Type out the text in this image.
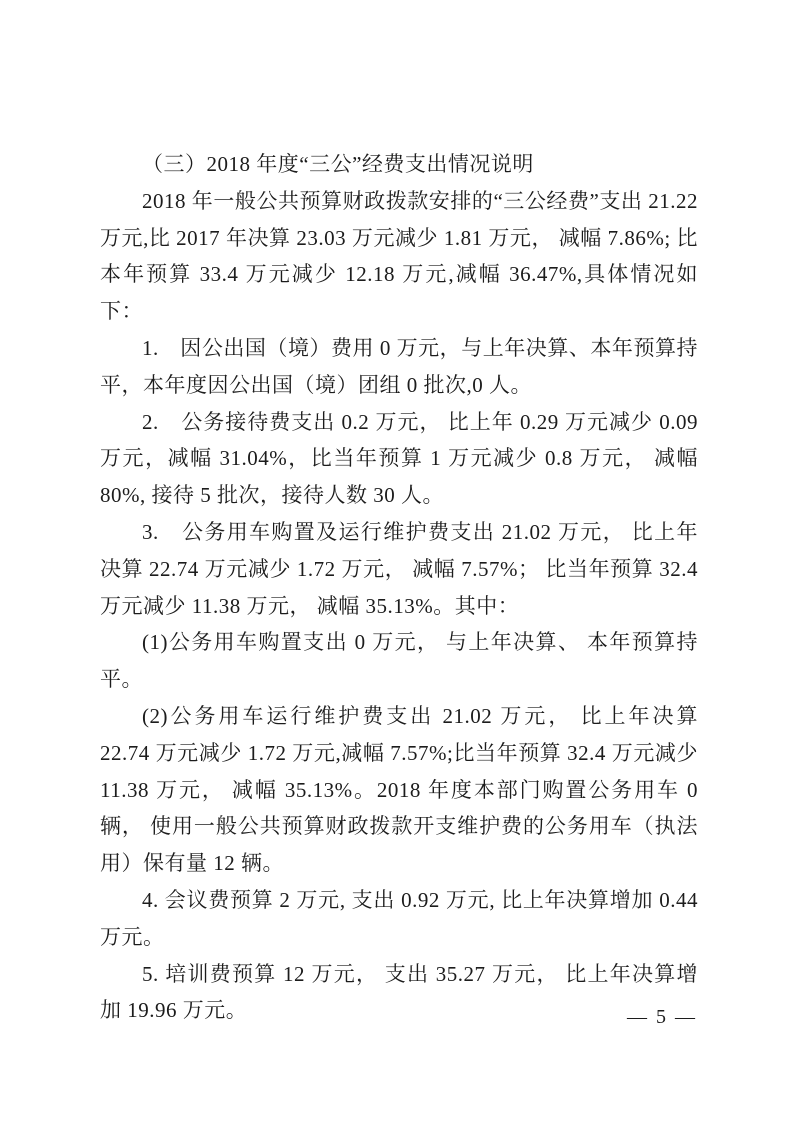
（三）2018 年度“三公”经费支出情况说明

2018 年一般公共预算财政拨款安排的“三公经费”支出 21.22 万元,比 2017 年决算 23.03 万元减少 1.81 万元， 减幅 7.86%; 比本年预算 33.4 万元减少 12.18 万元,减幅 36.47%,具体情况如下：

1.　因公出国（境）费用 0 万元，与上年决算、本年预算持平，本年度因公出国（境）团组 0 批次,0 人。

2.　公务接待费支出 0.2 万元， 比上年 0.29 万元减少 0.09 万元，减幅 31.04%，比当年预算 1 万元减少 0.8 万元， 减幅 80%, 接待 5 批次，接待人数 30 人。

3.　公务用车购置及运行维护费支出 21.02 万元， 比上年决算 22.74 万元减少 1.72 万元， 减幅 7.57%； 比当年预算 32.4 万元减少 11.38 万元， 减幅 35.13%。其中：

(1)公务用车购置支出 0 万元， 与上年决算、 本年预算持平。

(2)公务用车运行维护费支出 21.02 万元， 比上年决算 22.74 万元减少 1.72 万元,减幅 7.57%;比当年预算 32.4 万元减少 11.38 万元， 减幅 35.13%。2018 年度本部门购置公务用车 0 辆， 使用一般公共预算财政拨款开支维护费的公务用车（执法用）保有量 12 辆。

4. 会议费预算 2 万元, 支出 0.92 万元, 比上年决算增加 0.44 万元。

5. 培训费预算 12 万元， 支出 35.27 万元， 比上年决算增加 19.96 万元。	— 5 —
